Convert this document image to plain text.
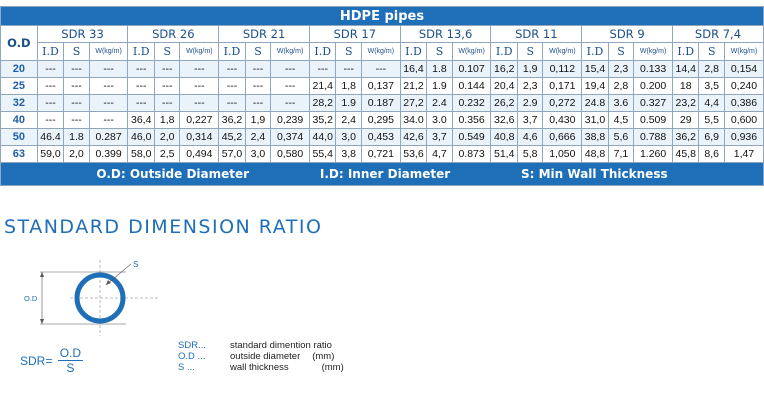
HDPE pipes																								
O.D	SDR 33			SDR 26			SDR 21			SDR 17			SDR 13,6			SDR 11			SDR 9			SDR 7,4		
	I.D	S	W(kg/m)	I.D	S	W(kg/m)	I.D	S	W(kg/m)	I.D	S	W(kg/m)	I.D	S	W(kg/m)	I.D	S	W(kg/m)	I.D	S	W(kg/m)	I.D	S	W(kg/m)
20	---	---	---	---	---	---	---	---	---	---	---	---	16,4	1.8	0.107	16,2	1,9	0,112	15,4	2,3	0.133	14,4	2,8	0,154
25	---	---	---	---	---	---	---	---	---	21,4	1,8	0,137	21,2	1.9	0.144	20,4	2,3	0,171	19,4	2,8	0.200	18	3,5	0,240
32	---	---	---	---	---	---	---	---	---	28,2	1.9	0.187	27,2	2.4	0.232	26,2	2.9	0,272	24.8	3.6	0.327	23,2	4,4	0,386
40	---	---	---	36,4	1,8	0,227	36,2	1,9	0,239	35,2	2,4	0,295	34.0	3.0	0.356	32,6	3,7	0,430	31,0	4,5	0.509	29	5,5	0,600
50	46.4	1.8	0.287	46,0	2,0	0,314	45,2	2,4	0,374	44,0	3,0	0,453	42,6	3,7	0.549	40,8	4,6	0,666	38,8	5,6	0.788	36,2	6,9	0,936
63	59,0	2,0	0.399	58,0	2,5	0,494	57,0	3,0	0,580	55,4	3,8	0,721	53,6	4,7	0.873	51,4	5,8	1,050	48,8	7,1	1.260	45,8	8,6	1,47

O.D: Outside Diameter I.D: Inner Diameter S: Min Wall Thickness																								
STANDARD DIMENSION RATIO
S
O.D
$SDR= \frac{O.D}{S}$
SDR...	standard dimention ratio
O.D ...	outside diameter (mm)
S ...	wall thickness	(mm)
